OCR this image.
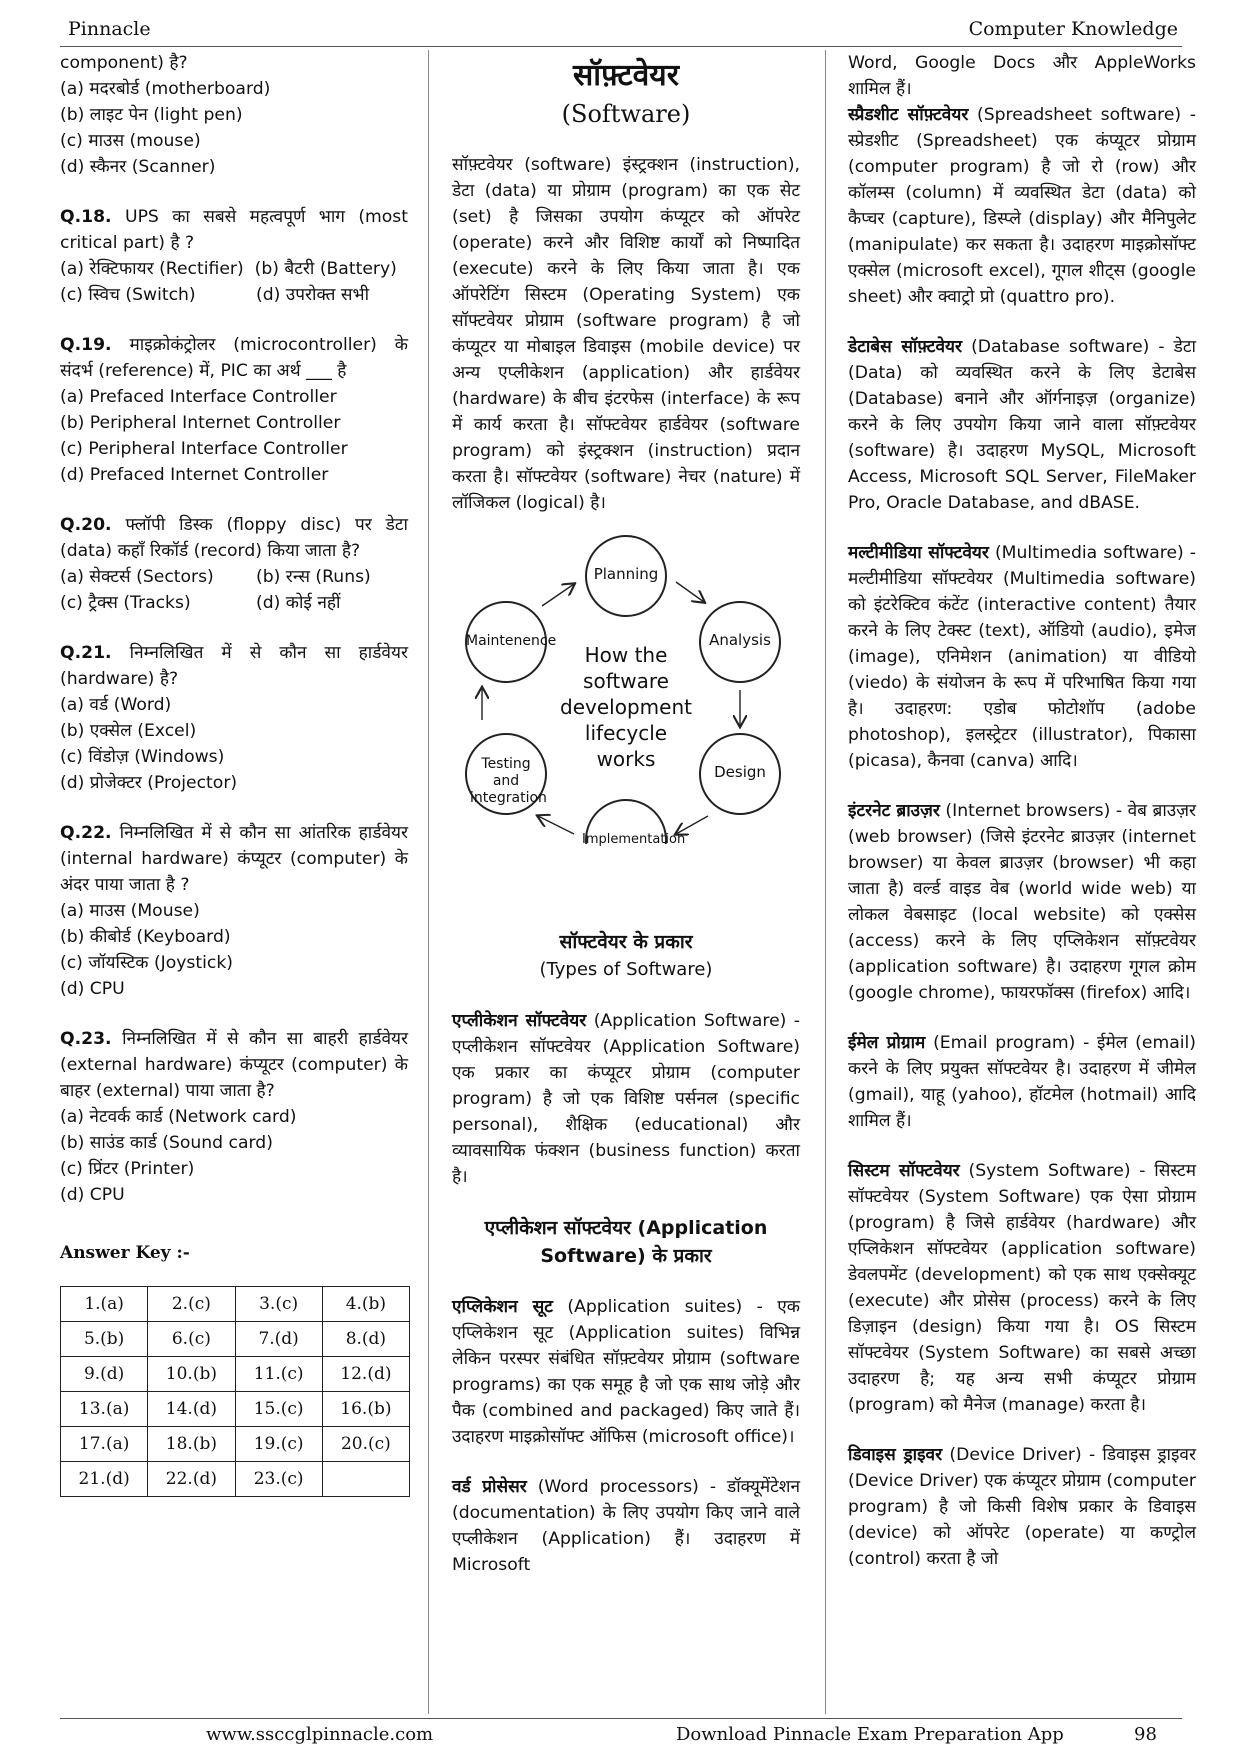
Pinnacle	Computer Knowledge
component) है?
(a) मदरबोर्ड (motherboard)
(b) लाइट पेन (light pen)
(c) माउस (mouse)
(d) स्कैनर (Scanner)

Q.18. UPS का सबसे महत्वपूर्ण भाग (most critical part) है ?

(a) रेक्टिफायर (Rectifier) (b) बैटरी (Battery)
(c) स्विच (Switch)	(d) उपरोक्त सभी

Q.19. माइक्रोकंट्रोलर (microcontroller) के संदर्भ (reference) में, PIC का अर्थ ___ है

(a) Prefaced Interface Controller
(b) Peripheral Internet Controller
(c) Peripheral Interface Controller
(d) Prefaced Internet Controller

Q.20. फ्लॉपी डिस्क (floppy disc) पर डेटा (data) कहाँ रिकॉर्ड (record) किया जाता है?

(a) सेक्टर्स (Sectors) (b) रन्स (Runs)
(c) ट्रैक्स (Tracks)	(d) कोई नहीं

Q.21. निम्नलिखित में से कौन सा हार्डवेयर (hardware) है?

(a) वर्ड (Word)
(b) एक्सेल (Excel)
(c) विंडोज़ (Windows)
(d) प्रोजेक्टर (Projector)

Q.22. निम्नलिखित में से कौन सा आंतरिक हार्डवेयर (internal hardware) कंप्यूटर (computer) के अंदर पाया जाता है ?

(a) माउस (Mouse)
(b) कीबोर्ड (Keyboard)
(c) जॉयस्टिक (Joystick)
(d) CPU

Q.23. निम्नलिखित में से कौन सा बाहरी हार्डवेयर (external hardware) कंप्यूटर (computer) के बाहर (external) पाया जाता है?

(a) नेटवर्क कार्ड (Network card)
(b) साउंड कार्ड (Sound card)
(c) प्रिंटर (Printer)
(d) CPU
Answer Key :-
1.(a)	2.(c)	3.(c)	4.(b)
5.(b)	6.(c)	7.(d)	8.(d)
9.(d)	10.(b)	11.(c)	12.(d)
13.(a)	14.(d)	15.(c)	16.(b)
17.(a)	18.(b)	19.(c)	20.(c)
21.(d)	22.(d)	23.(c)	
सॉफ़्टवेयर
(Software)

सॉफ़्टवेयर (software) इंस्ट्रक्शन (instruction), डेटा (data) या प्रोग्राम (program) का एक सेट (set) है जिसका उपयोग कंप्यूटर को ऑपरेट (operate) करने और विशिष्ट कार्यों को निष्पादित (execute) करने के लिए किया जाता है। एक ऑपरेटिंग सिस्टम (Operating System) एक सॉफ्टवेयर प्रोग्राम (software program) है जो कंप्यूटर या मोबाइल डिवाइस (mobile device) पर अन्य एप्लीकेशन (application) और हार्डवेयर (hardware) के बीच इंटरफेस (interface) के रूप में कार्य करता है। सॉफ्टवेयर हार्डवेयर (software program) को इंस्ट्रक्शन (instruction) प्रदान करता है। सॉफ्टवेयर (software) नेचर (nature) में लॉजिकल (logical) है।

Planning
Analysis
Design
Implementation
Testing and integration
Maintenence
How the software development lifecycle works
सॉफ्टवेयर के प्रकार
(Types of Software)

एप्लीकेशन सॉफ्टवेयर (Application Software) - एप्लीकेशन सॉफ्टवेयर (Application Software) एक प्रकार का कंप्यूटर प्रोग्राम (computer program) है जो एक विशिष्ट पर्सनल (specific personal), शैक्षिक (educational) और व्यावसायिक फंक्शन (business function) करता है।

एप्लीकेशन सॉफ्टवेयर (Application Software) के प्रकार

एप्लिकेशन सूट (Application suites) - एक एप्लिकेशन सूट (Application suites) विभिन्न लेकिन परस्पर संबंधित सॉफ़्टवेयर प्रोग्राम (software programs) का एक समूह है जो एक साथ जोड़े और पैक (combined and packaged) किए जाते हैं। उदाहरण माइक्रोसॉफ्ट ऑफिस (microsoft office)।

वर्ड प्रोसेसर (Word processors) - डॉक्यूमेंटेशन (documentation) के लिए उपयोग किए जाने वाले एप्लीकेशन (Application) हैं। उदाहरण में Microsoft

Word, Google Docs और AppleWorks शामिल हैं।

स्प्रैडशीट सॉफ़्टवेयर (Spreadsheet software) - स्प्रेडशीट (Spreadsheet) एक कंप्यूटर प्रोग्राम (computer program) है जो रो (row) और कॉलम्स (column) में व्यवस्थित डेटा (data) को कैप्चर (capture), डिस्प्ले (display) और मैनिपुलेट (manipulate) कर सकता है। उदाहरण माइक्रोसॉफ्ट एक्सेल (microsoft excel), गूगल शीट्स (google sheet) और क्वाट्रो प्रो (quattro pro).

डेटाबेस सॉफ़्टवेयर (Database software) - डेटा (Data) को व्यवस्थित करने के लिए डेटाबेस (Database) बनाने और ऑर्गनाइज़ (organize) करने के लिए उपयोग किया जाने वाला सॉफ़्टवेयर (software) है। उदाहरण MySQL, Microsoft Access, Microsoft SQL Server, FileMaker Pro, Oracle Database, and dBASE.

मल्टीमीडिया सॉफ्टवेयर (Multimedia software) - मल्टीमीडिया सॉफ्टवेयर (Multimedia software) को इंटरेक्टिव कंटेंट (interactive content) तैयार करने के लिए टेक्स्ट (text), ऑडियो (audio), इमेज (image), एनिमेशन (animation) या वीडियो (viedo) के संयोजन के रूप में परिभाषित किया गया है। उदाहरण: एडोब फोटोशॉप (adobe photoshop), इलस्ट्रेटर (illustrator), पिकासा (picasa), कैनवा (canva) आदि।

इंटरनेट ब्राउज़र (Internet browsers) - वेब ब्राउज़र (web browser) (जिसे इंटरनेट ब्राउज़र (internet browser) या केवल ब्राउज़र (browser) भी कहा जाता है) वर्ल्ड वाइड वेब (world wide web) या लोकल वेबसाइट (local website) को एक्सेस (access) करने के लिए एप्लिकेशन सॉफ़्टवेयर (application software) है। उदाहरण गूगल क्रोम (google chrome), फायरफॉक्स (firefox) आदि।

ईमेल प्रोग्राम (Email program) - ईमेल (email) करने के लिए प्रयुक्त सॉफ्टवेयर है। उदाहरण में जीमेल (gmail), याहू (yahoo), हॉटमेल (hotmail) आदि शामिल हैं।

सिस्टम सॉफ्टवेयर (System Software) - सिस्टम सॉफ्टवेयर (System Software) एक ऐसा प्रोग्राम (program) है जिसे हार्डवेयर (hardware) और एप्लिकेशन सॉफ्टवेयर (application software) डेवलपमेंट (development) को एक साथ एक्सेक्यूट (execute) और प्रोसेस (process) करने के लिए डिज़ाइन (design) किया गया है। OS सिस्टम सॉफ्टवेयर (System Software) का सबसे अच्छा उदाहरण है; यह अन्य सभी कंप्यूटर प्रोग्राम (program) को मैनेज (manage) करता है।

डिवाइस ड्राइवर (Device Driver) - डिवाइस ड्राइवर (Device Driver) एक कंप्यूटर प्रोग्राम (computer program) है जो किसी विशेष प्रकार के डिवाइस (device) को ऑपरेट (operate) या कण्ट्रोल (control) करता है जो

www.ssccglpinnacle.com	Download Pinnacle Exam Preparation App	98
